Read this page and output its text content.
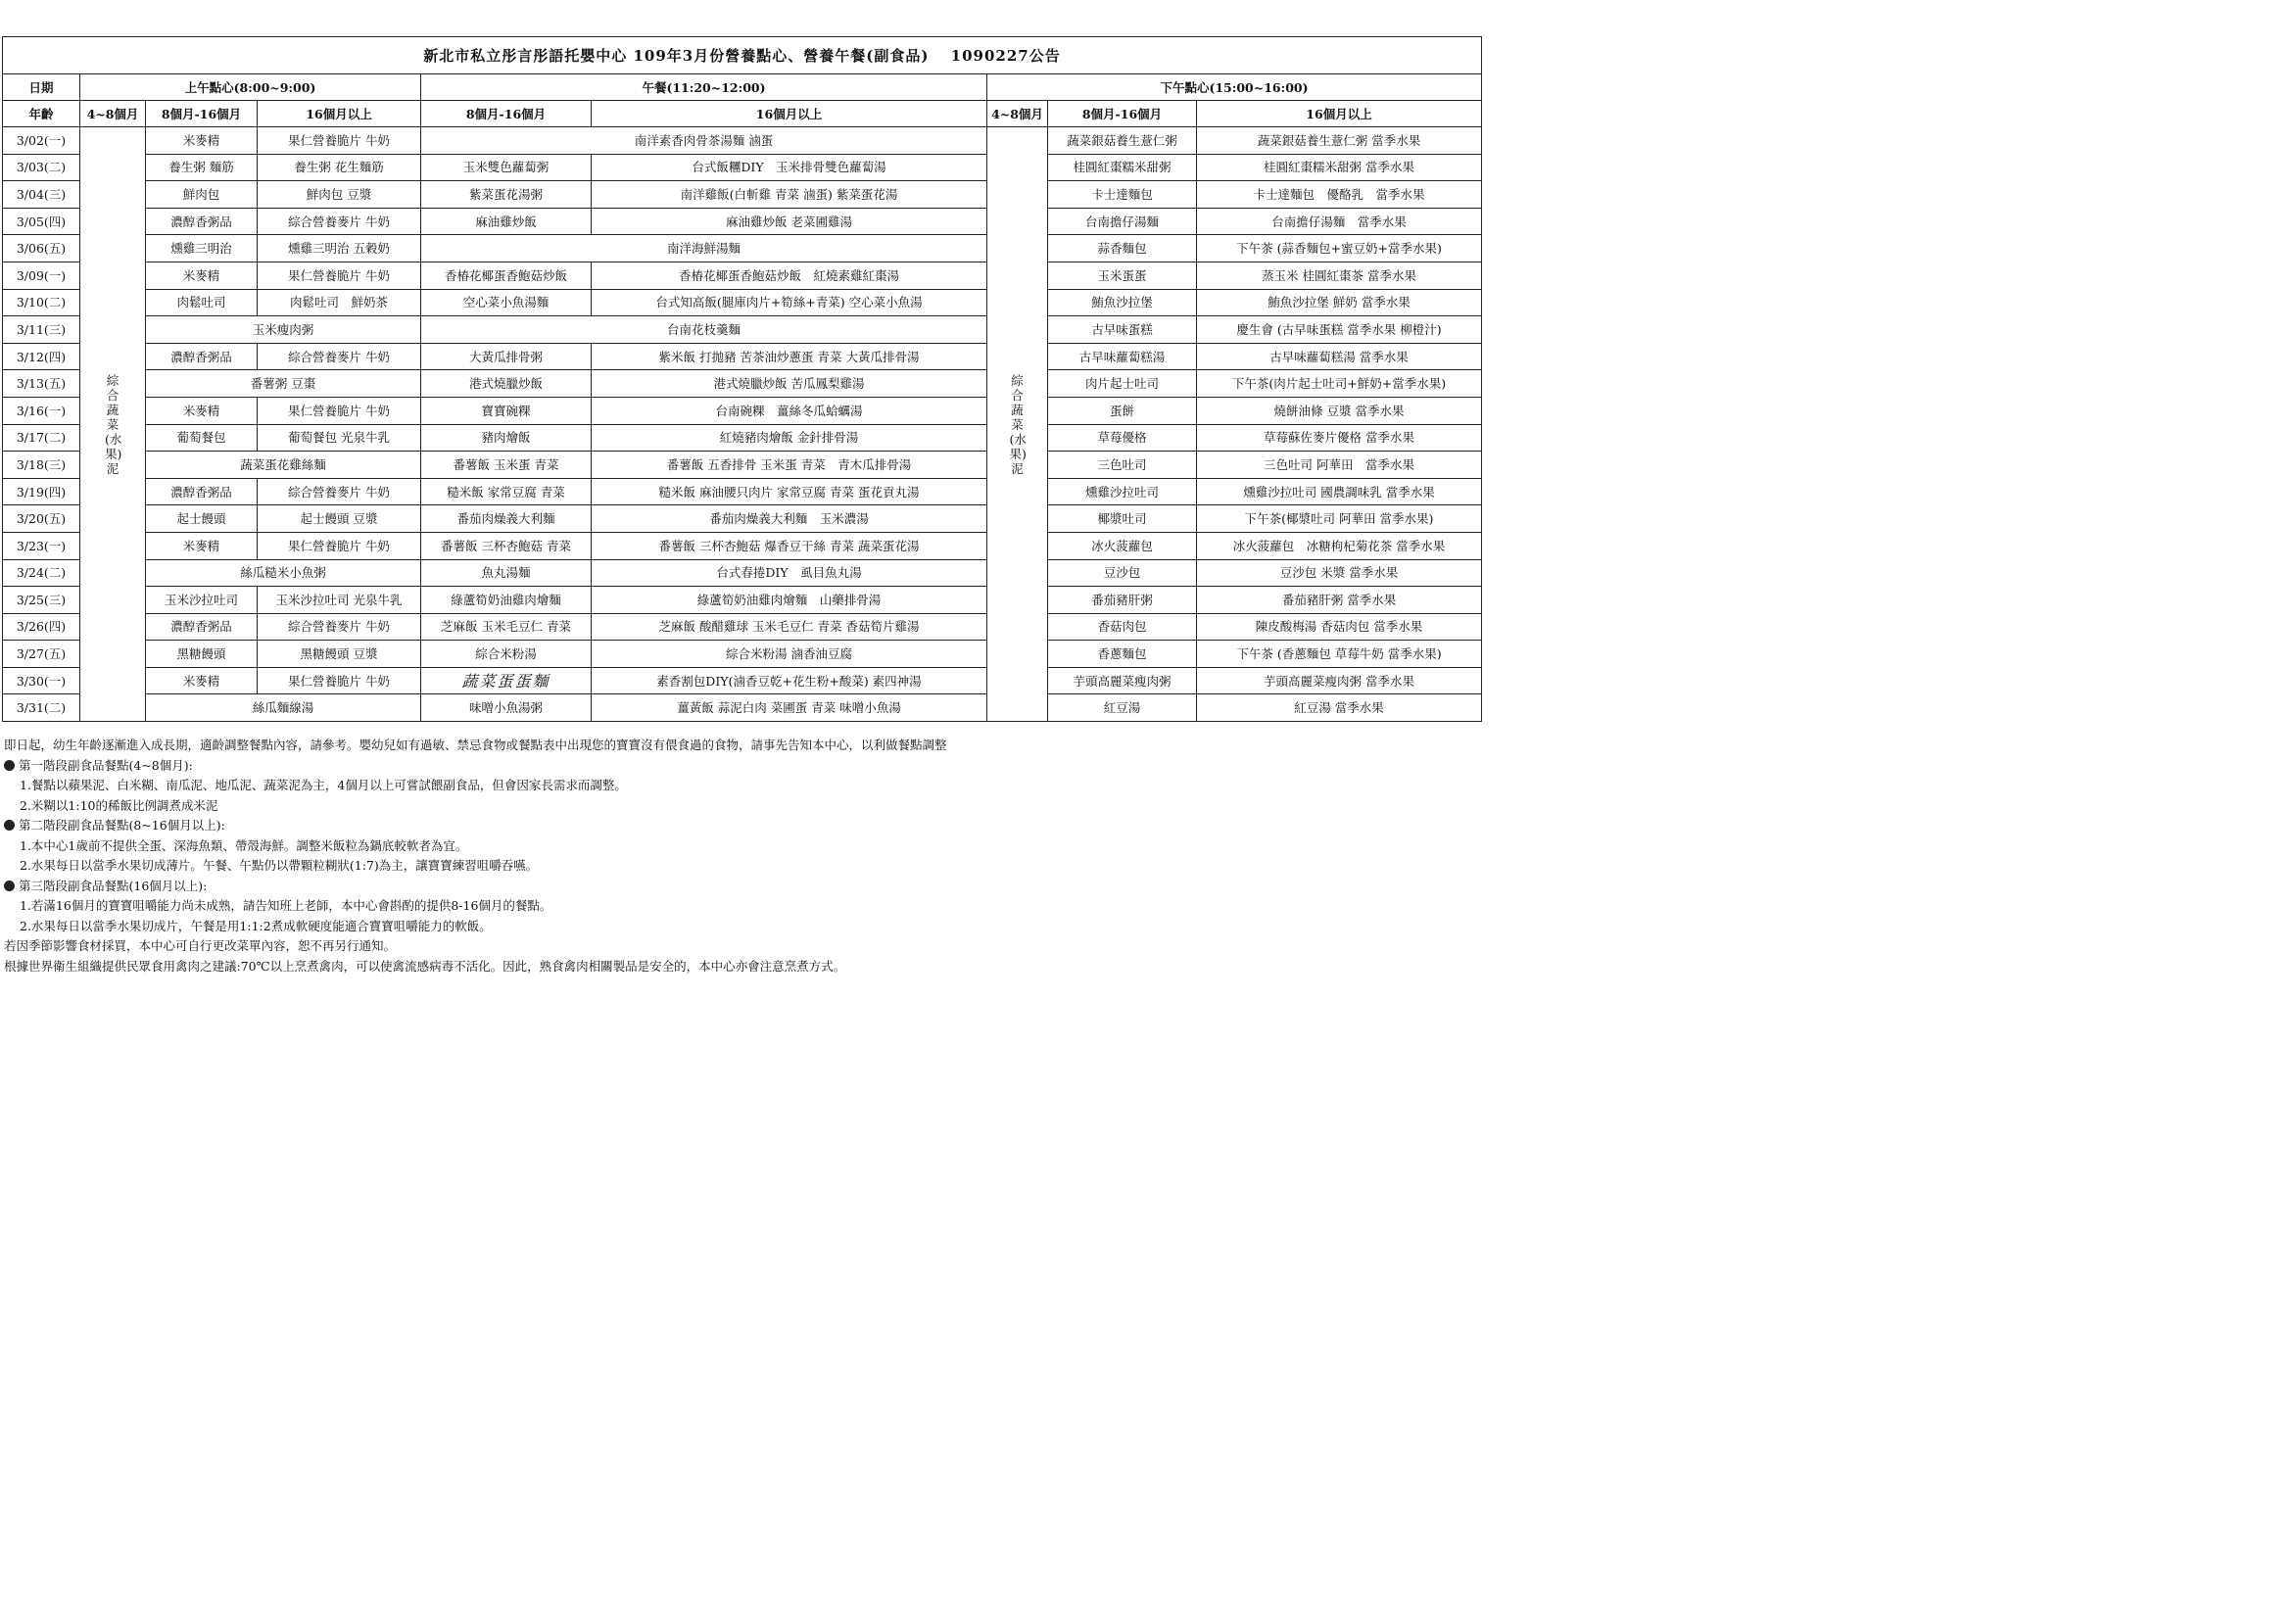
新北市私立彤言彤語托嬰中心 109年3月份營養點心、營養午餐(副食品)　 1090227公告								
日期	上午點心(8:00~9:00)			午餐(11:20~12:00)		下午點心(15:00~16:00)		
年齡	4~8個月	8個月-16個月	16個月以上	8個月-16個月	16個月以上	4~8個月	8個月-16個月	16個月以上
3/02(一)	綜合蔬菜(水果)泥	米麥精	果仁營養脆片 牛奶	南洋素香肉骨茶湯麵 滷蛋		綜合蔬菜(水果)泥	蔬菜銀菇養生薏仁粥	蔬菜銀菇養生薏仁粥 當季水果
3/03(二)		養生粥 麵筋	養生粥 花生麵筋	玉米雙色蘿蔔粥	台式飯糰DIY　玉米排骨雙色蘿蔔湯		桂圓紅棗糯米甜粥	桂圓紅棗糯米甜粥 當季水果
3/04(三)		鮮肉包	鮮肉包 豆漿	紫菜蛋花湯粥	南洋雞飯(白斬雞 青菜 滷蛋) 紫菜蛋花湯		卡士達麵包	卡士達麵包　優酪乳　當季水果
3/05(四)		濃醇香粥品	綜合營養麥片 牛奶	麻油雞炒飯	麻油雞炒飯 老菜圃雞湯		台南擔仔湯麵	台南擔仔湯麵　當季水果
3/06(五)		燻雞三明治	燻雞三明治 五穀奶	南洋海鮮湯麵			蒜香麵包	下午茶 (蒜香麵包+蜜豆奶+當季水果)
3/09(一)		米麥精	果仁營養脆片 牛奶	香椿花椰蛋香鮑菇炒飯	香椿花椰蛋香鮑菇炒飯　紅燒素雞紅棗湯		玉米蛋蛋	蒸玉米 桂圓紅棗茶 當季水果
3/10(二)		肉鬆吐司	肉鬆吐司　鮮奶茶	空心菜小魚湯麵	台式知高飯(腿庫肉片+筍絲+青菜) 空心菜小魚湯		鮪魚沙拉堡	鮪魚沙拉堡 鮮奶 當季水果
3/11(三)		玉米瘦肉粥		台南花枝羹麵			古早味蛋糕	慶生會 (古早味蛋糕 當季水果 柳橙汁)
3/12(四)		濃醇香粥品	綜合營養麥片 牛奶	大黃瓜排骨粥	紫米飯 打拋豬 苦茶油炒蔥蛋 青菜 大黃瓜排骨湯		古早味蘿蔔糕湯	古早味蘿蔔糕湯 當季水果
3/13(五)		番薯粥 豆棗		港式燒臘炒飯	港式燒臘炒飯 苦瓜鳳梨雞湯		肉片起士吐司	下午茶(肉片起士吐司+鮮奶+當季水果)
3/16(一)		米麥精	果仁營養脆片 牛奶	寶寶碗粿	台南碗粿　薑絲冬瓜蛤蠣湯		蛋餅	燒餅油條 豆漿 當季水果
3/17(二)		葡萄餐包	葡萄餐包 光泉牛乳	豬肉燴飯	紅燒豬肉燴飯 金針排骨湯		草莓優格	草莓蘇佐麥片優格 當季水果
3/18(三)		蔬菜蛋花雞絲麵		番薯飯 玉米蛋 青菜	番薯飯 五香排骨 玉米蛋 青菜　青木瓜排骨湯		三色吐司	三色吐司 阿華田　當季水果
3/19(四)		濃醇香粥品	綜合營養麥片 牛奶	糙米飯 家常豆腐 青菜	糙米飯 麻油腰只肉片 家常豆腐 青菜 蛋花貢丸湯		燻雞沙拉吐司	燻雞沙拉吐司 國農調味乳 當季水果
3/20(五)		起士饅頭	起士饅頭 豆漿	番茄肉燥義大利麵	番茄肉燥義大利麵　玉米濃湯		椰漿吐司	下午茶(椰漿吐司 阿華田 當季水果)
3/23(一)		米麥精	果仁營養脆片 牛奶	番薯飯 三杯杏鮑菇 青菜	番薯飯 三杯杏鮑菇 爆香豆干絲 青菜 蔬菜蛋花湯		冰火菠蘿包	冰火菠蘿包　冰糖枸杞菊花茶 當季水果
3/24(二)		絲瓜糙米小魚粥		魚丸湯麵	台式春捲DIY　虱目魚丸湯		豆沙包	豆沙包 米漿 當季水果
3/25(三)		玉米沙拉吐司	玉米沙拉吐司 光泉牛乳	綠蘆筍奶油雞肉燴麵	綠蘆筍奶油雞肉燴麵　山藥排骨湯		番茄豬肝粥	番茄豬肝粥 當季水果
3/26(四)		濃醇香粥品	綜合營養麥片 牛奶	芝麻飯 玉米毛豆仁 青菜	芝麻飯 酸醋雞球 玉米毛豆仁 青菜 香菇筍片雞湯		香菇肉包	陳皮酸梅湯 香菇肉包 當季水果
3/27(五)		黑糖饅頭	黑糖饅頭 豆漿	綜合米粉湯	綜合米粉湯 滷香油豆腐		香蔥麵包	下午茶 (香蔥麵包 草莓牛奶 當季水果)
3/30(一)		米麥精	果仁營養脆片 牛奶	蔬菜蛋蛋麵	素香割包DIY(滷香豆乾+花生粉+酸菜) 素四神湯		芋頭高麗菜瘦肉粥	芋頭高麗菜瘦肉粥 當季水果
3/31(二)		絲瓜麵線湯		味噌小魚湯粥	薑黃飯 蒜泥白肉 菜圃蛋 青菜 味噌小魚湯		紅豆湯	紅豆湯 當季水果

即日起，幼生年齡逐漸進入成長期，適齡調整餐點內容，請參考。嬰幼兒如有過敏、禁忌食物或餐點表中出現您的寶寶沒有偎食過的食物，請事先告知本中心，以利做餐點調整

第一階段副食品餐點(4~8個月):

1.餐點以蘋果泥、白米糊、南瓜泥、地瓜泥、蔬菜泥為主，4個月以上可嘗試餵副食品，但會因家長需求而調整。

2.米糊以1:10的稀飯比例調煮成米泥

第二階段副食品餐點(8~16個月以上):

1.本中心1歲前不提供全蛋、深海魚類、帶殼海鮮。調整米飯粒為鍋底較軟者為宜。

2.水果每日以當季水果切成薄片。午餐、午點仍以帶顆粒糊狀(1:7)為主，讓寶寶練習咀嚼吞嚥。

第三階段副食品餐點(16個月以上):

1.若滿16個月的寶寶咀嚼能力尚未成熟，請告知班上老師，本中心會斟酌的提供8-16個月的餐點。

2.水果每日以當季水果切成片，午餐是用1:1:2煮成軟硬度能適合寶寶咀嚼能力的軟飯。

若因季節影響食材採買，本中心可自行更改菜單內容，恕不再另行通知。

根據世界衛生組織提供民眾食用禽肉之建議:70℃以上烹煮禽肉，可以使禽流感病毒不活化。因此，熟食禽肉相關製品是安全的，本中心亦會注意烹煮方式。
